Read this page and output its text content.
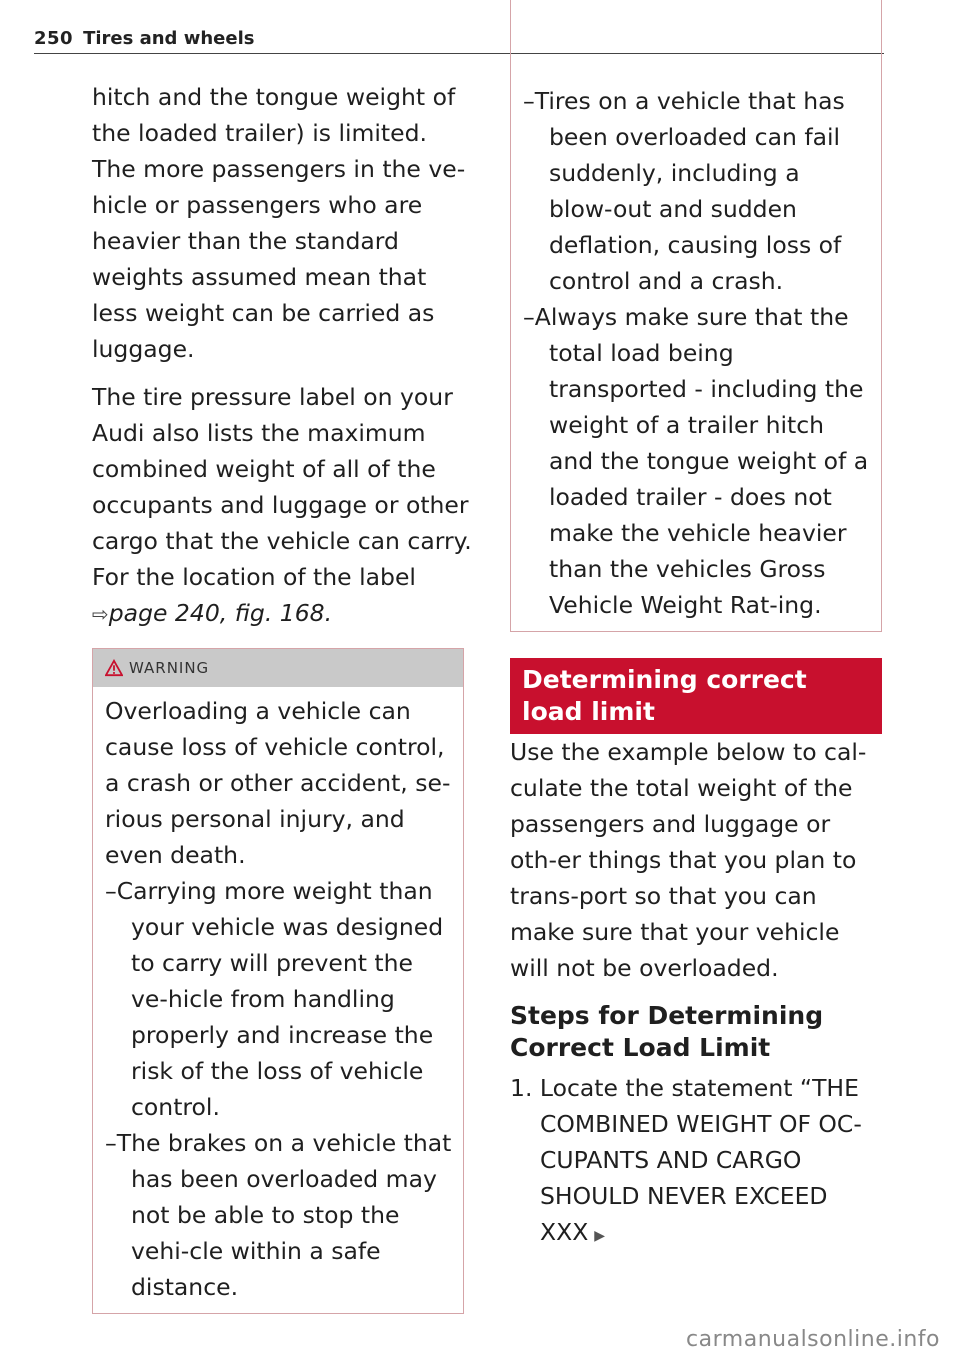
250 Tires and wheels

hitch and the tongue weight of the loaded trailer) is limited. The more passengers in the ve-hicle or passengers who are heavier than the standard weights assumed mean that less weight can be carried as luggage.

The tire pressure label on your Audi also lists the maximum combined weight of all of the occupants and luggage or other cargo that the vehicle can carry. For the location of the label
⇨page 240, fig. 168.

WARNING

Overloading a vehicle can cause loss of vehicle control, a crash or other accident, se-rious personal injury, and even death.

–Carrying more weight than your vehicle was designed to carry will prevent the ve-hicle from handling properly and increase the risk of the loss of vehicle control.

–The brakes on a vehicle that has been overloaded may not be able to stop the vehi-cle within a safe distance.

–Tires on a vehicle that has been overloaded can fail suddenly, including a blow-out and sudden deflation, causing loss of control and a crash.

–Always make sure that the total load being transported - including the weight of a trailer hitch and the tongue weight of a loaded trailer - does not make the vehicle heavier than the vehicles Gross Vehicle Weight Rat-ing.

Determining correct load limit

Use the example below to cal-culate the total weight of the passengers and luggage or oth-er things that you plan to trans-port so that you can make sure that your vehicle will not be overloaded.

Steps for Determining Correct Load Limit
1. Locate the statement “THE COMBINED WEIGHT OF OC-CUPANTS AND CARGO SHOULD NEVER EXCEED XXX ▶
carmanualsonline.info
